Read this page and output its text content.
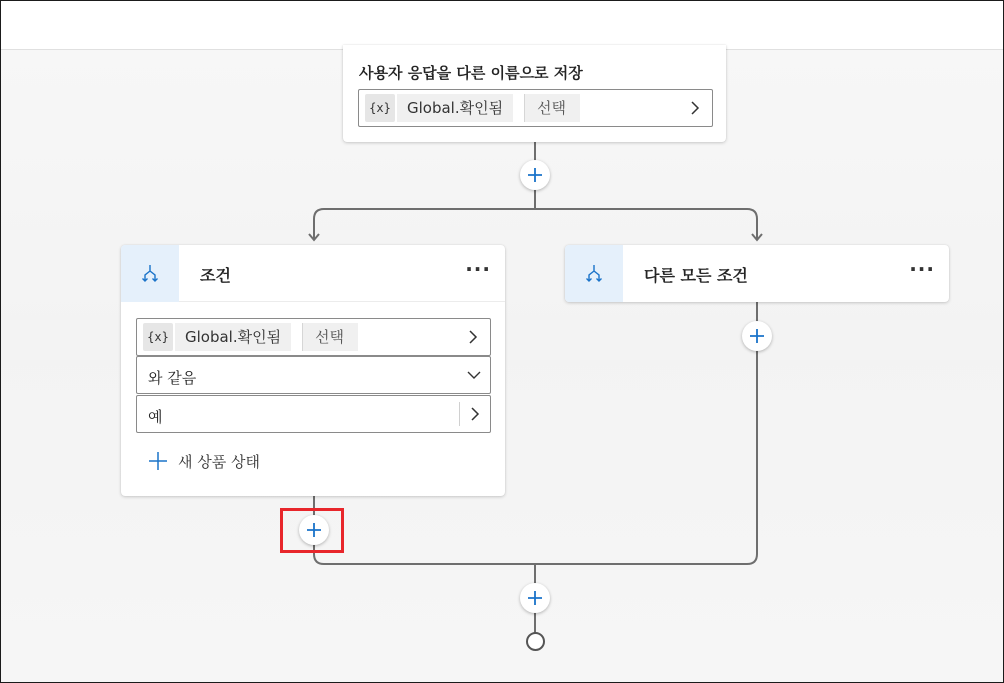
사용자 응답을 다른 이름으로 저장
{x}	Global.확인됨	선택
조건	···
{x}	Global.확인됨	선택
와 같음
예
새 상품 상태
다른 모든 조건	···
